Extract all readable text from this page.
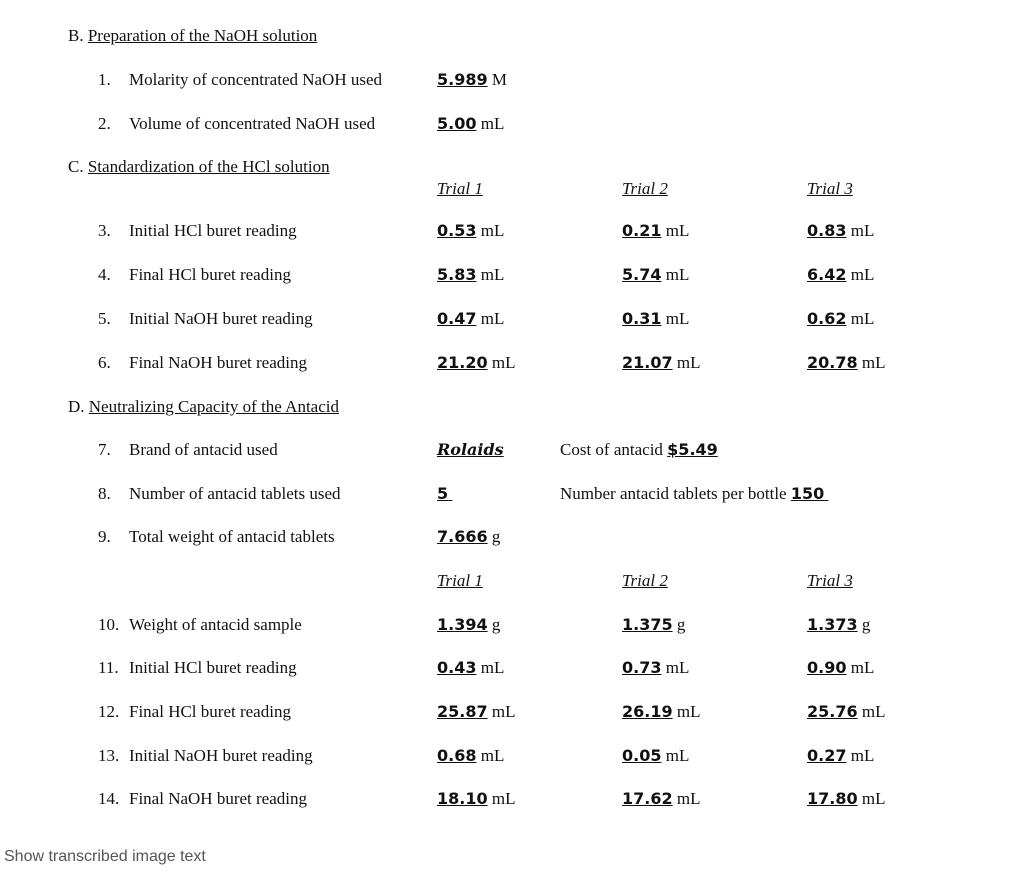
B. Preparation of the NaOH solution
1. Molarity of concentrated NaOH used	5.989 M
2. Volume of concentrated NaOH used	5.00 mL
C. Standardization of the HCl solution
Trial 1	Trial 2	Trial 3
3. Initial HCl buret reading	0.53 mL	0.21 mL	0.83 mL
4. Final HCl buret reading	5.83 mL	5.74 mL	6.42 mL
5. Initial NaOH buret reading	0.47 mL	0.31 mL	0.62 mL
6. Final NaOH buret reading	21.20 mL	21.07 mL	20.78 mL
D. Neutralizing Capacity of the Antacid
7. Brand of antacid used	Rolaids	Cost of antacid $5.49
8. Number of antacid tablets used	5	Number antacid tablets per bottle 150
9. Total weight of antacid tablets	7.666 g
Trial 1	Trial 2	Trial 3
10. Weight of antacid sample	1.394 g	1.375 g	1.373 g
11. Initial HCl buret reading	0.43 mL	0.73 mL	0.90 mL
12. Final HCl buret reading	25.87 mL	26.19 mL	25.76 mL
13. Initial NaOH buret reading	0.68 mL	0.05 mL	0.27 mL
14. Final NaOH buret reading	18.10 mL	17.62 mL	17.80 mL
Show transcribed image text
